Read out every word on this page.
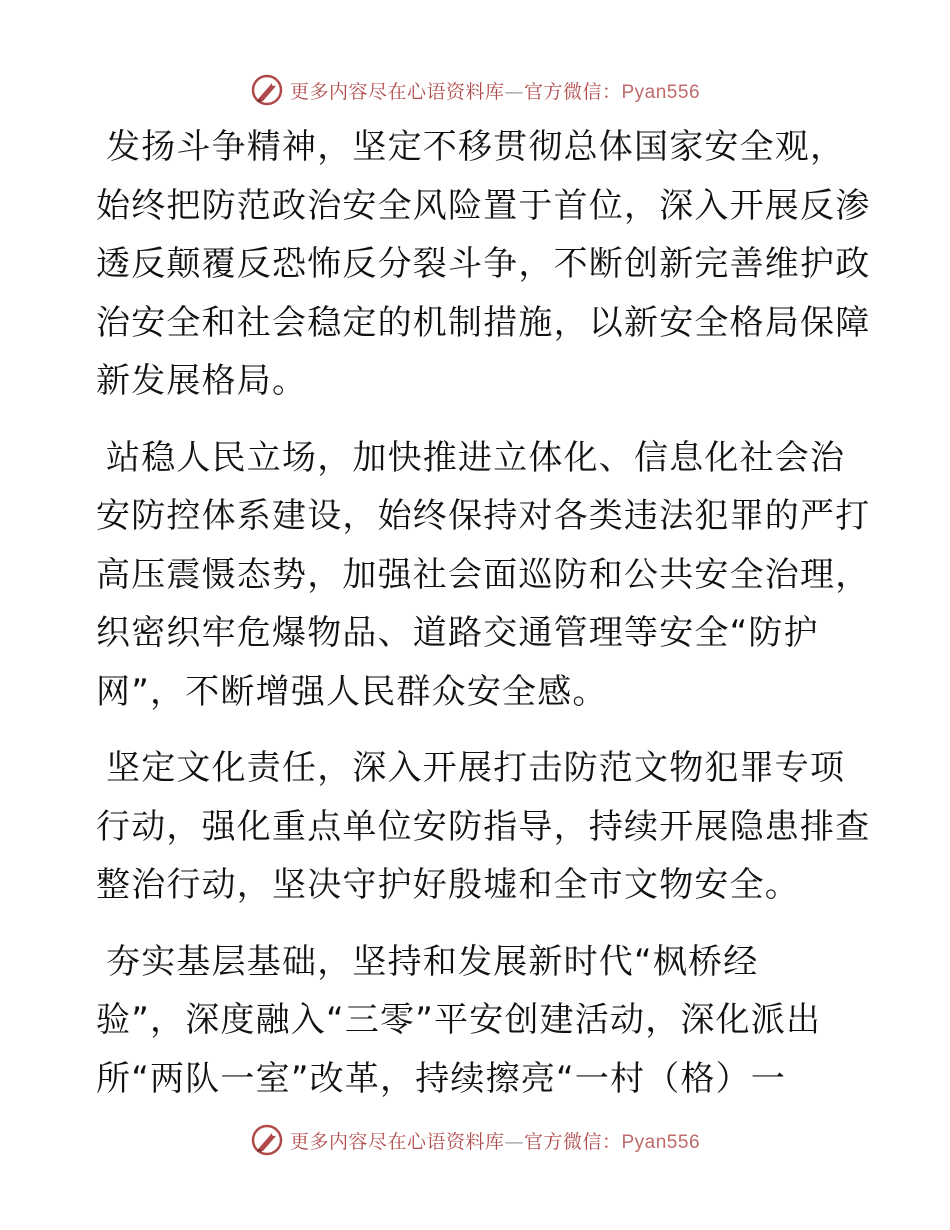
更多内容尽在心语资料库—官方微信：Pyan556

发扬斗争精神，坚定不移贯彻总体国家安全观，
始终把防范政治安全风险置于首位，深入开展反渗
透反颠覆反恐怖反分裂斗争，不断创新完善维护政
治安全和社会稳定的机制措施，以新安全格局保障
新发展格局。

站稳人民立场，加快推进立体化、信息化社会治
安防控体系建设，始终保持对各类违法犯罪的严打
高压震慑态势，加强社会面巡防和公共安全治理，
织密织牢危爆物品、道路交通管理等安全“防护
网”，不断增强人民群众安全感。

坚定文化责任，深入开展打击防范文物犯罪专项
行动，强化重点单位安防指导，持续开展隐患排查
整治行动，坚决守护好殷墟和全市文物安全。

夯实基层基础，坚持和发展新时代“枫桥经
验”，深度融入“三零”平安创建活动，深化派出
所“两队一室”改革，持续擦亮“一村（格）一

更多内容尽在心语资料库—官方微信：Pyan556
